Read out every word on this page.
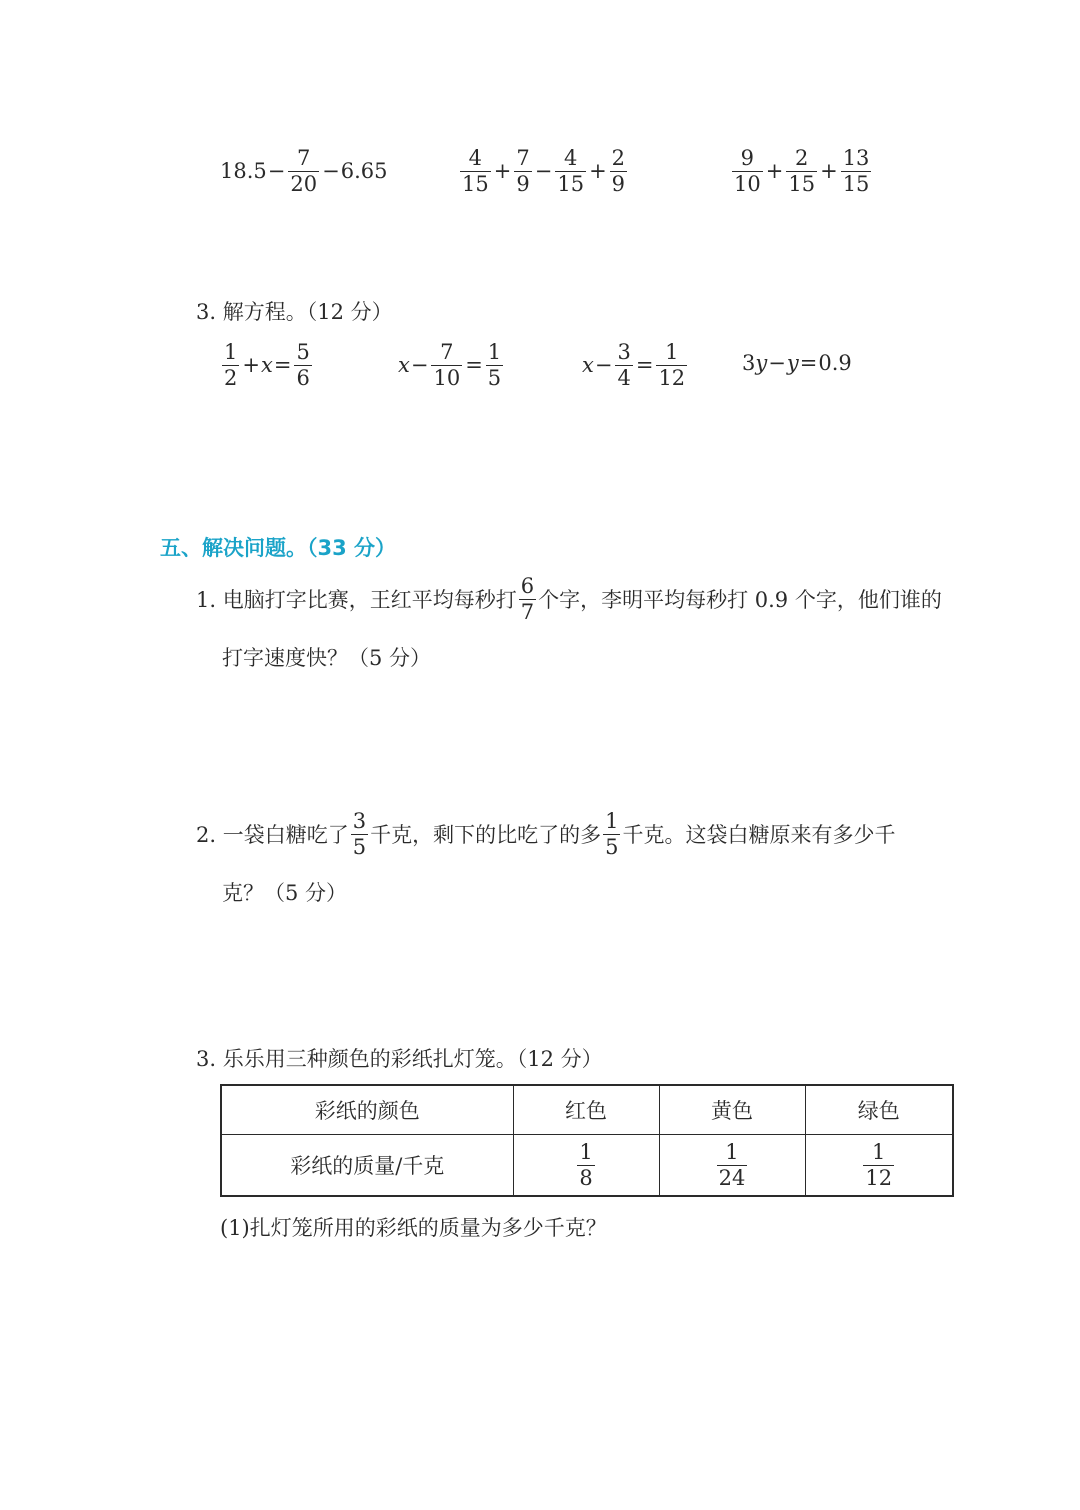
$18.5 - \frac{7}{20} - 6.65$	$\frac{4}{15} + \frac{7}{9} - \frac{4}{15} + \frac{2}{9}$	$\frac{9}{10} + \frac{2}{15} + \frac{13}{15}$
3. 解方程。（12 分）
$\frac{1}{2} + x = \frac{5}{6}$	$x - \frac{7}{10} = \frac{1}{5}$	$x - \frac{3}{4} = \frac{1}{12}$	3 y − y = 0.9
五、解决问题。（33 分）
1. 电脑打字比赛，王红平均每秒打 $\frac{6}{7}$ 个字，李明平均每秒打 0.9 个字，他们谁的
打字速度快？（5 分）
2. 一袋白糖吃了 $\frac{3}{5}$ 千克，剩下的比吃了的多 $\frac{1}{5}$ 千克。这袋白糖原来有多少千
克？（5 分）
3. 乐乐用三种颜色的彩纸扎灯笼。（12 分）
彩纸的颜色	红色	黄色	绿色
彩纸的质量/千克	$\frac{1}{8}$	$\frac{1}{24}$	$\frac{1}{12}$
(1)扎灯笼所用的彩纸的质量为多少千克？
